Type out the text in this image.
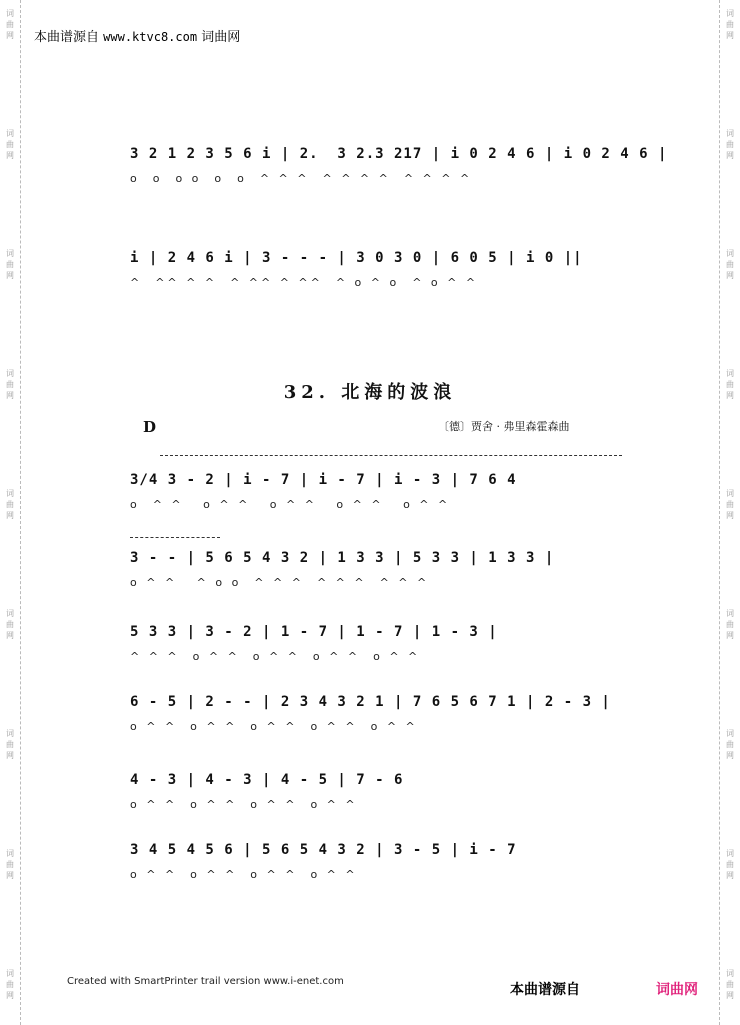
词曲网
词曲网
词曲网
词曲网
词曲网
词曲网
词曲网
词曲网
词曲网
词曲网
词曲网
词曲网
词曲网
词曲网
词曲网
词曲网
词曲网
词曲网
本曲谱源自 www.ktvc8.com 词曲网
3 2 1 2 3 5 6 i | 2.  3 2.3 217 | i 0 2 4 6 | i 0 2 4 6 |
o  o  o o  o  o  ^ ^ ^  ^ ^ ^ ^  ^ ^ ^ ^
i | 2 4 6 i | 3 - - - | 3 0 3 0 | 6 0 5 | i 0 ||
^  ^^ ^ ^  ^ ^^ ^ ^^  ^ o ^ o  ^ o ^ ^
32. 北海的波浪
D	〔德〕贾舍 · 弗里森霍森曲
3/4 3 - 2 | i - 7 | i - 7 | i - 3 | 7 6 4
o  ^ ^   o ^ ^   o ^ ^   o ^ ^   o ^ ^
3 - - | 5 6 5 4 3 2 | 1 3 3 | 5 3 3 | 1 3 3 |
o ^ ^   ^ o o  ^ ^ ^  ^ ^ ^  ^ ^ ^
5 3 3 | 3 - 2 | 1 - 7 | 1 - 7 | 1 - 3 |
^ ^ ^  o ^ ^  o ^ ^  o ^ ^  o ^ ^
6 - 5 | 2 - - | 2 3 4 3 2 1 | 7 6 5 6 7 1 | 2 - 3 |
o ^ ^  o ^ ^  o ^ ^  o ^ ^  o ^ ^
4 - 3 | 4 - 3 | 4 - 5 | 7 - 6
o ^ ^  o ^ ^  o ^ ^  o ^ ^
3 4 5 4 5 6 | 5 6 5 4 3 2 | 3 - 5 | i - 7
o ^ ^  o ^ ^  o ^ ^  o ^ ^
Created with SmartPrinter trail version www.i-enet.com
本曲谱源自	词曲网
